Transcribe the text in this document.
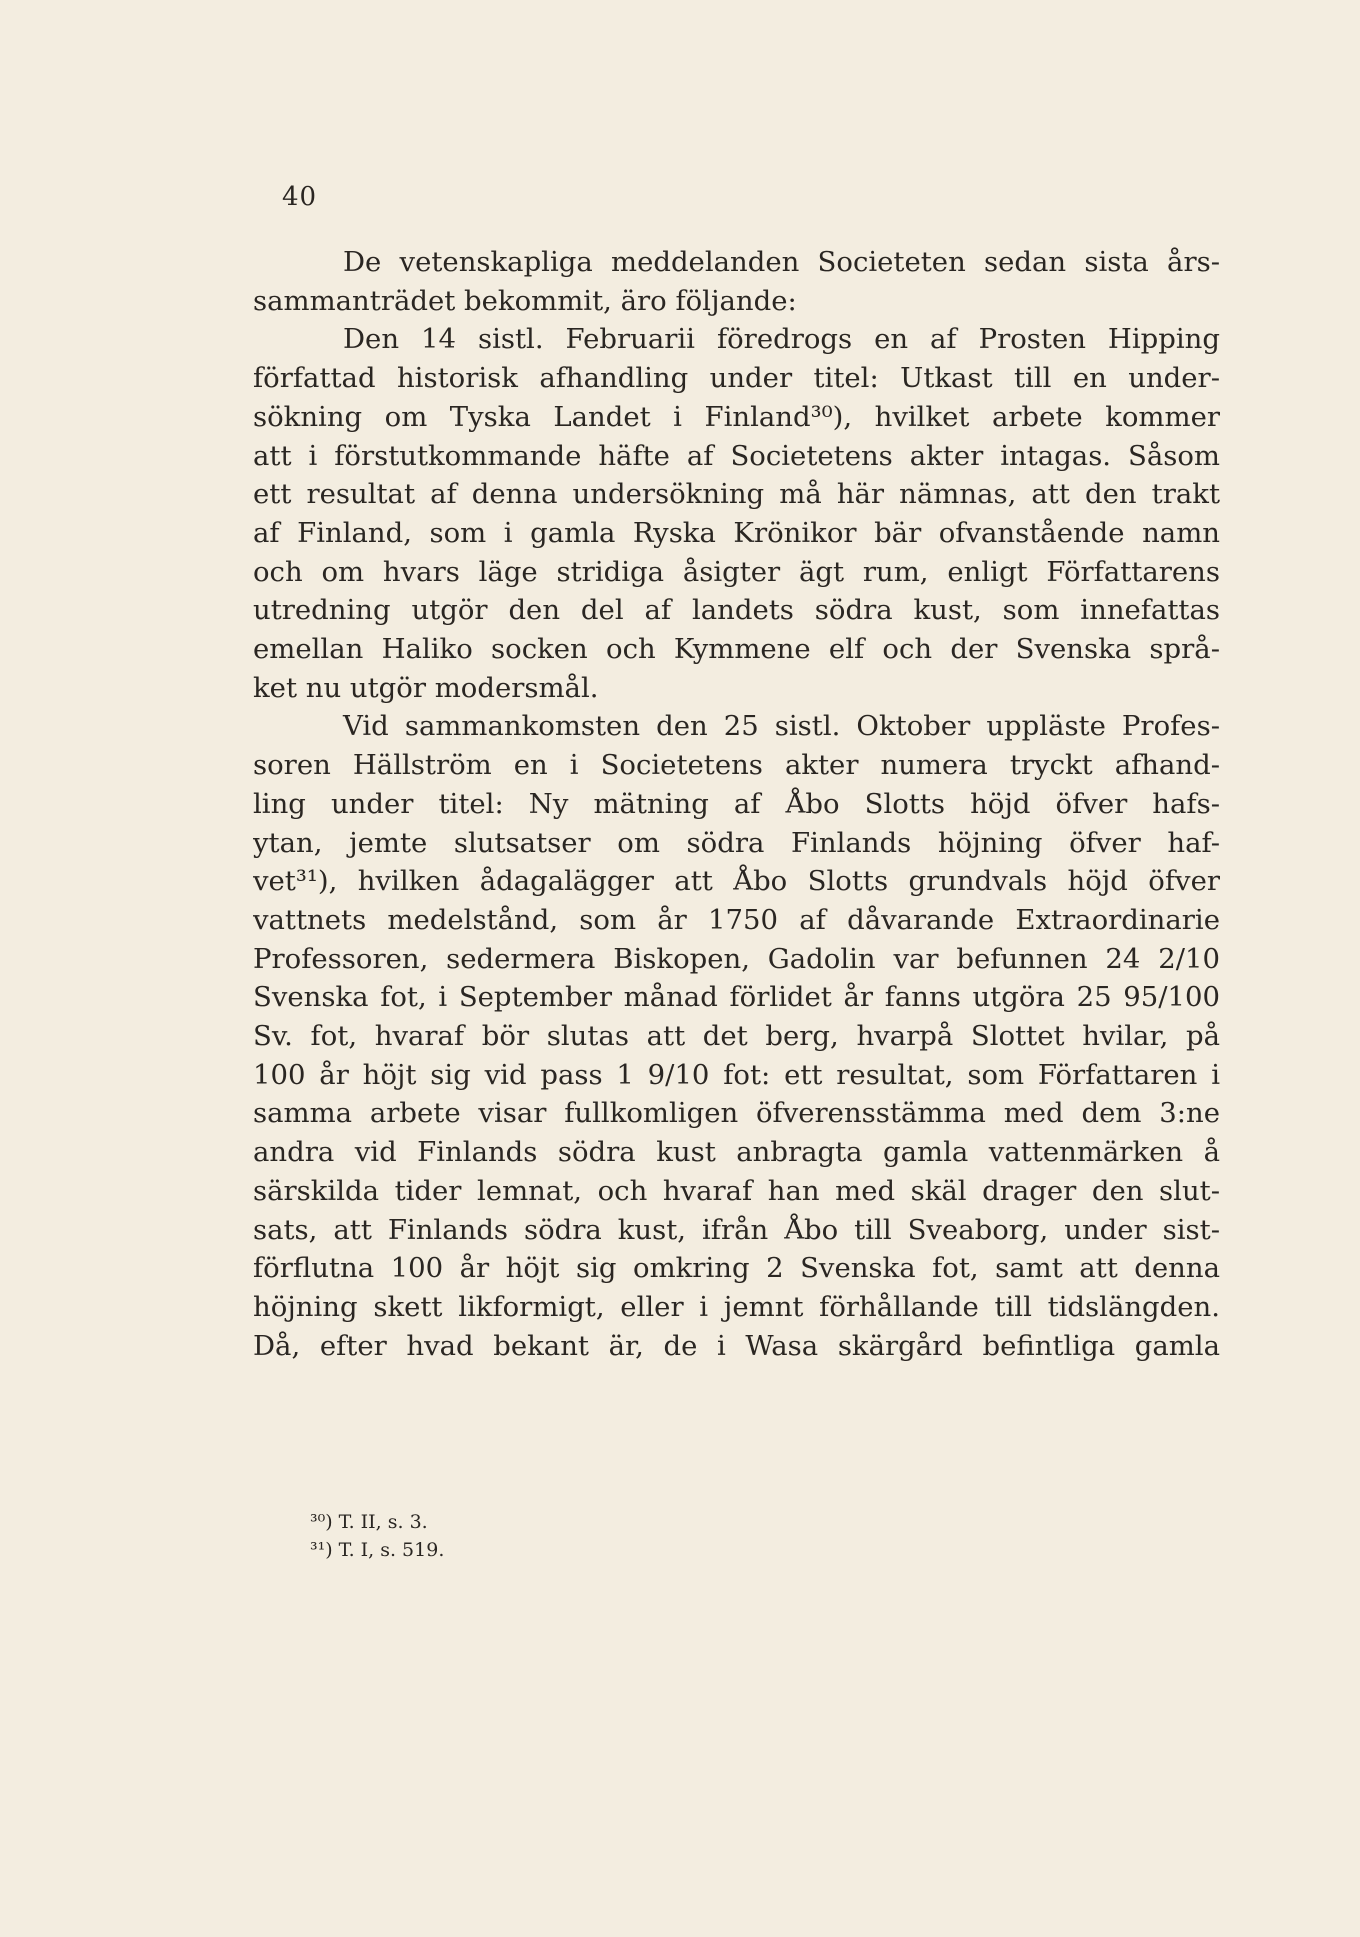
40
De vetenskapliga meddelanden Societeten sedan sista års-
sammanträdet bekommit, äro följande:
Den 14 sistl. Februarii föredrogs en af Prosten Hipping
författad historisk afhandling under titel: Utkast till en under-
sökning om Tyska Landet i Finland³⁰), hvilket arbete kommer
att i förstutkommande häfte af Societetens akter intagas. Såsom
ett resultat af denna undersökning må här nämnas, att den trakt
af Finland, som i gamla Ryska Krönikor bär ofvanstående namn
och om hvars läge stridiga åsigter ägt rum, enligt Författarens
utredning utgör den del af landets södra kust, som innefattas
emellan Haliko socken och Kymmene elf och der Svenska språ-
ket nu utgör modersmål.
Vid sammankomsten den 25 sistl. Oktober uppläste Profes-
soren Hällström en i Societetens akter numera tryckt afhand-
ling under titel: Ny mätning af Åbo Slotts höjd öfver hafs-
ytan, jemte slutsatser om södra Finlands höjning öfver haf-
vet³¹), hvilken ådagalägger att Åbo Slotts grundvals höjd öfver
vattnets medelstånd, som år 1750 af dåvarande Extraordinarie
Professoren, sedermera Biskopen, Gadolin var befunnen 24 2/10
Svenska fot, i September månad förlidet år fanns utgöra 25 95/100
Sv. fot, hvaraf bör slutas att det berg, hvarpå Slottet hvilar, på
100 år höjt sig vid pass 1 9/10 fot: ett resultat, som Författaren i
samma arbete visar fullkomligen öfverensstämma med dem 3:ne
andra vid Finlands södra kust anbragta gamla vattenmärken å
särskilda tider lemnat, och hvaraf han med skäl drager den slut-
sats, att Finlands södra kust, ifrån Åbo till Sveaborg, under sist-
förflutna 100 år höjt sig omkring 2 Svenska fot, samt att denna
höjning skett likformigt, eller i jemnt förhållande till tidslängden.
Då, efter hvad bekant är, de i Wasa skärgård befintliga gamla
³⁰) T. II, s. 3.
³¹) T. I, s. 519.
